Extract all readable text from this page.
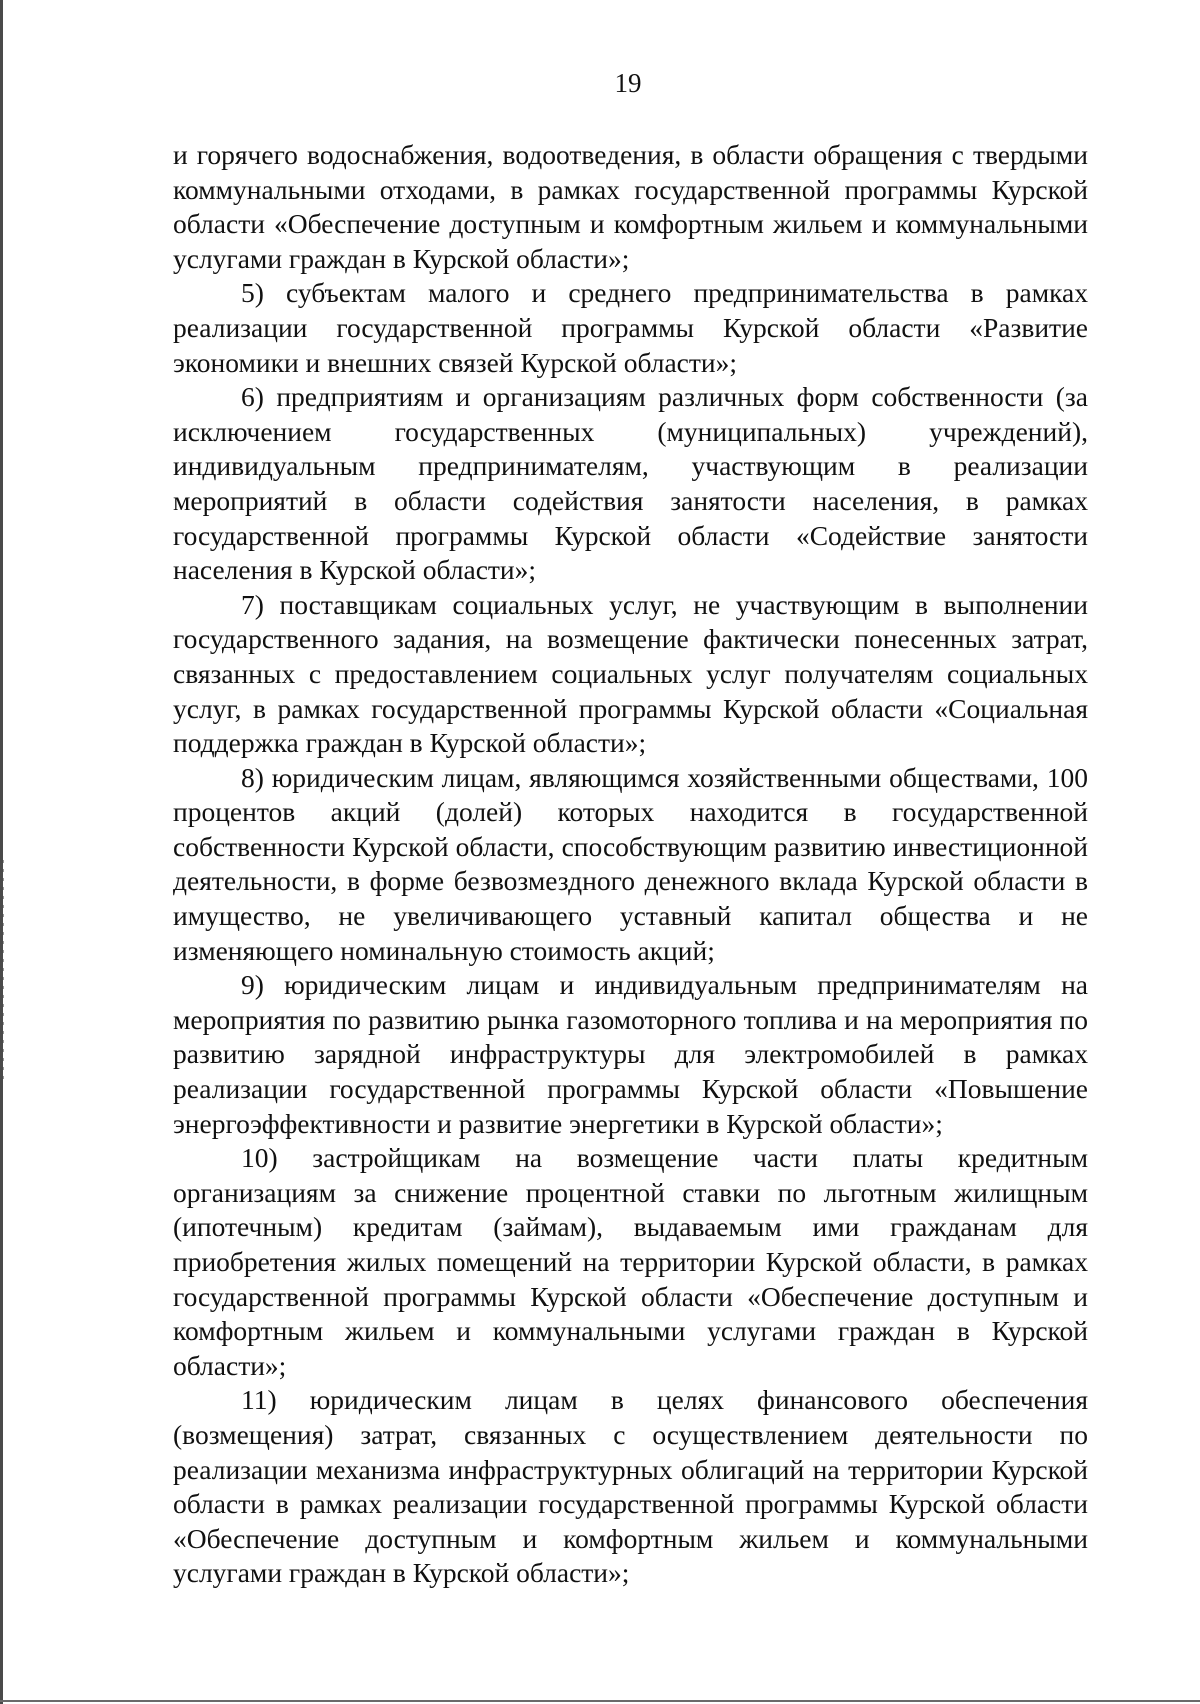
19

и горячего водоснабжения, водоотведения, в области обращения с твердыми коммунальными отходами, в рамках государственной программы Курской области «Обеспечение доступным и комфортным жильем и коммунальными услугами граждан в Курской области»;

5) субъектам малого и среднего предпринимательства в рамках реализации государственной программы Курской области «Развитие экономики и внешних связей Курской области»;

6) предприятиям и организациям различных форм собственности (за исключением государственных (муниципальных) учреждений), индивидуальным предпринимателям, участвующим в реализации мероприятий в области содействия занятости населения, в рамках государственной программы Курской области «Содействие занятости населения в Курской области»;

7) поставщикам социальных услуг, не участвующим в выполнении государственного задания, на возмещение фактически понесенных затрат, связанных с предоставлением социальных услуг получателям социальных услуг, в рамках государственной программы Курской области «Социальная поддержка граждан в Курской области»;

8) юридическим лицам, являющимся хозяйственными обществами, 100 процентов акций (долей) которых находится в государственной собственности Курской области, способствующим развитию инвестиционной деятельности, в форме безвозмездного денежного вклада Курской области в имущество, не увеличивающего уставный капитал общества и не изменяющего номинальную стоимость акций;

9) юридическим лицам и индивидуальным предпринимателям на мероприятия по развитию рынка газомоторного топлива и на мероприятия по развитию зарядной инфраструктуры для электромобилей в рамках реализации государственной программы Курской области «Повышение энергоэффективности и развитие энергетики в Курской области»;

10) застройщикам на возмещение части платы кредитным организациям за снижение процентной ставки по льготным жилищным (ипотечным) кредитам (займам), выдаваемым ими гражданам для приобретения жилых помещений на территории Курской области, в рамках государственной программы Курской области «Обеспечение доступным и комфортным жильем и коммунальными услугами граждан в Курской области»;

11) юридическим лицам в целях финансового обеспечения (возмещения) затрат, связанных с осуществлением деятельности по реализации механизма инфраструктурных облигаций на территории Курской области в рамках реализации государственной программы Курской области «Обеспечение доступным и комфортным жильем и коммунальными услугами граждан в Курской области»;
